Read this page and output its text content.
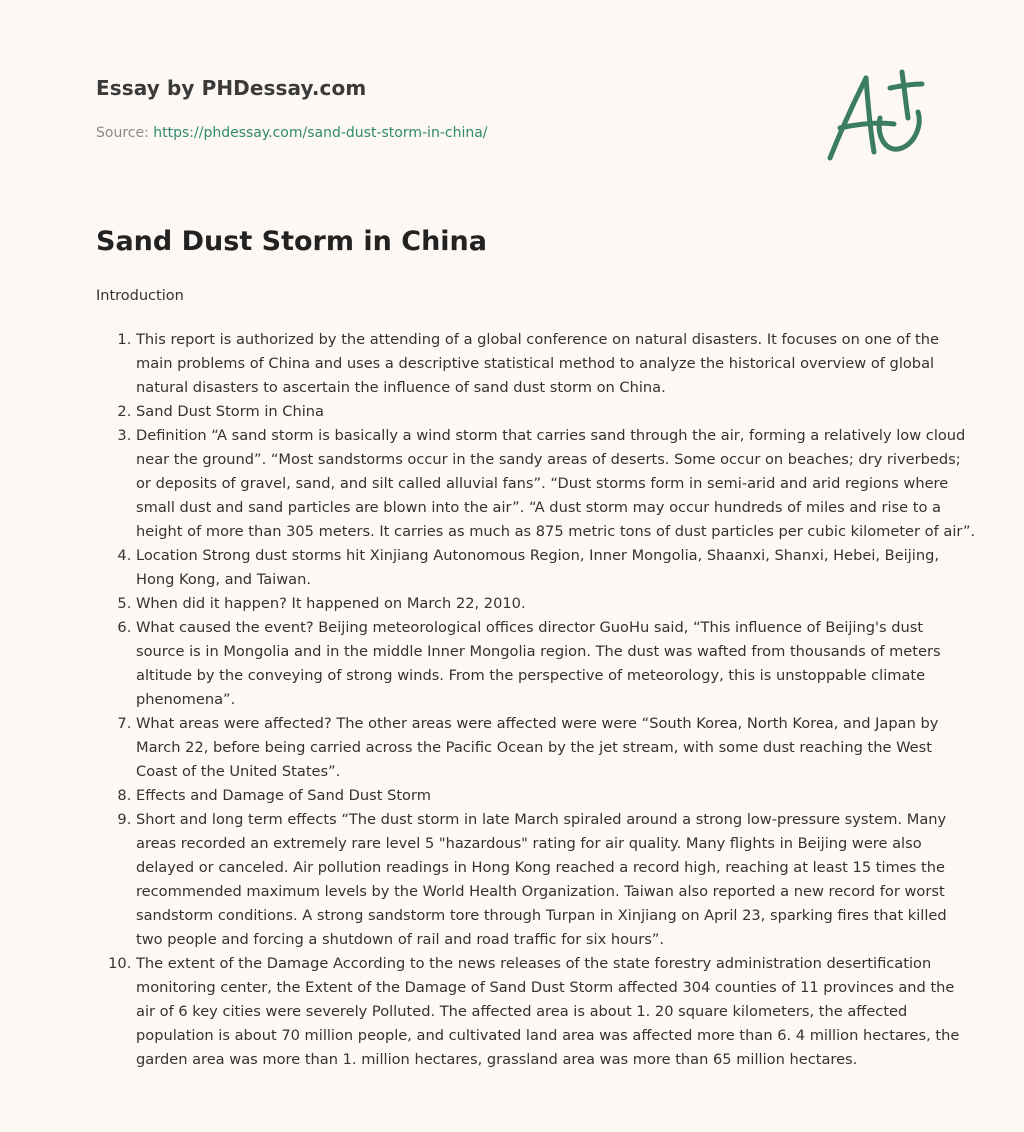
Essay by PHDessay.com

Source: https://phdessay.com/sand-dust-storm-in-china/
Sand Dust Storm in China
Introduction
1. This report is authorized by the attending of a global conference on natural disasters. It focuses on one of the main problems of China and uses a descriptive statistical method to analyze the historical overview of global natural disasters to ascertain the influence of sand dust storm on China.
2. Sand Dust Storm in China
3. Definition “A sand storm is basically a wind storm that carries sand through the air, forming a relatively low cloud near the ground”. “Most sandstorms occur in the sandy areas of deserts. Some occur on beaches; dry riverbeds; or deposits of gravel, sand, and silt called alluvial fans”. “Dust storms form in semi-arid and arid regions where small dust and sand particles are blown into the air”. “A dust storm may occur hundreds of miles and rise to a height of more than 305 meters. It carries as much as 875 metric tons of dust particles per cubic kilometer of air”.
4. Location Strong dust storms hit Xinjiang Autonomous Region, Inner Mongolia, Shaanxi, Shanxi, Hebei, Beijing, Hong Kong, and Taiwan.
5. When did it happen? It happened on March 22, 2010.
6. What caused the event? Beijing meteorological offices director GuoHu said, “This influence of Beijing's dust source is in Mongolia and in the middle Inner Mongolia region. The dust was wafted from thousands of meters altitude by the conveying of strong winds. From the perspective of meteorology, this is unstoppable climate phenomena”.
7. What areas were affected? The other areas were affected were were “South Korea, North Korea, and Japan by March 22, before being carried across the Pacific Ocean by the jet stream, with some dust reaching the West Coast of the United States”.
8. Effects and Damage of Sand Dust Storm
9. Short and long term effects “The dust storm in late March spiraled around a strong low-pressure system. Many areas recorded an extremely rare level 5 "hazardous" rating for air quality. Many flights in Beijing were also delayed or canceled. Air pollution readings in Hong Kong reached a record high, reaching at least 15 times the recommended maximum levels by the World Health Organization. Taiwan also reported a new record for worst sandstorm conditions. A strong sandstorm tore through Turpan in Xinjiang on April 23, sparking fires that killed two people and forcing a shutdown of rail and road traffic for six hours”.
10. The extent of the Damage According to the news releases of the state forestry administration desertification monitoring center, the Extent of the Damage of Sand Dust Storm affected 304 counties of 11 provinces and the air of 6 key cities were severely Polluted. The affected area is about 1. 20 square kilometers, the affected population is about 70 million people, and cultivated land area was affected more than 6. 4 million hectares, the garden area was more than 1. million hectares, grassland area was more than 65 million hectares.
